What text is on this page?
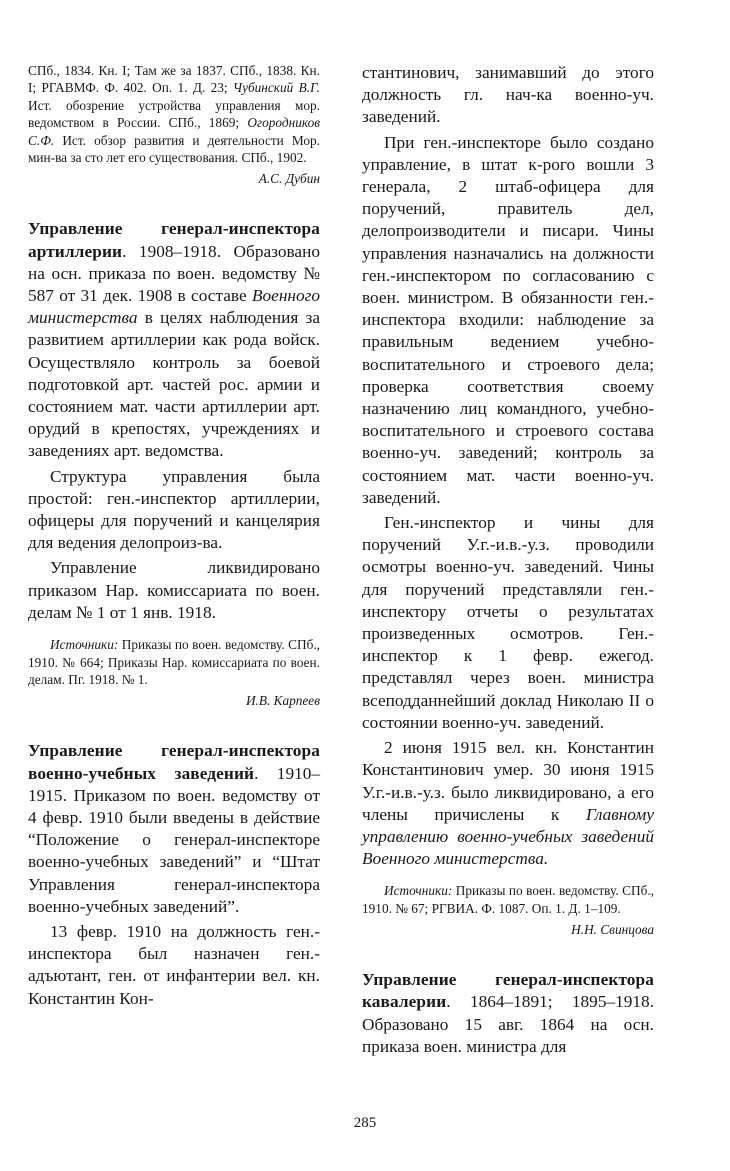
СПб., 1834. Кн. I; Там же за 1837. СПб., 1838. Кн. I; РГАВМФ. Ф. 402. Оп. 1. Д. 23; Чубинский В.Г. Ист. обозрение устройства управления мор. ведомством в России. СПб., 1869; Огородников С.Ф. Ист. обзор развития и деятельности Мор. мин-ва за сто лет его существования. СПб., 1902.

А.С. Дубин

Управление генерал-инспектора артиллерии. 1908–1918. Образовано на осн. приказа по воен. ведомству № 587 от 31 дек. 1908 в составе Военного министерства в целях наблюдения за развитием артиллерии как рода войск. Осуществляло контроль за боевой подготовкой арт. частей рос. армии и состоянием мат. части артиллерии арт. орудий в крепостях, учреждениях и заведениях арт. ведомства.

Структура управления была простой: ген.-инспектор артиллерии, офицеры для поручений и канцелярия для ведения делопроиз-ва.

Управление ликвидировано приказом Нар. комиссариата по воен. делам № 1 от 1 янв. 1918.

Источники: Приказы по воен. ведомству. СПб., 1910. № 664; Приказы Нар. комиссариата по воен. делам. Пг. 1918. № 1.

И.В. Карпеев

Управление генерал-инспектора военно-учебных заведений. 1910–1915. Приказом по воен. ведомству от 4 февр. 1910 были введены в действие “Положение о генерал-инспекторе военно-учебных заведений” и “Штат Управления генерал-инспектора военно-учебных заведений”.

13 февр. 1910 на должность ген.-инспектора был назначен ген.-адъютант, ген. от инфантерии вел. кн. Константин Кон-

стантинович, занимавший до этого должность гл. нач-ка военно-уч. заведений.

При ген.-инспекторе было создано управление, в штат к-рого вошли 3 генерала, 2 штаб-офицера для поручений, правитель дел, делопроизводители и писари. Чины управления назначались на должности ген.-инспектором по согласованию с воен. министром. В обязанности ген.-инспектора входили: наблюдение за правильным ведением учебно-воспитательного и строевого дела; проверка соответствия своему назначению лиц командного, учебно-воспитательного и строевого состава военно-уч. заведений; контроль за состоянием мат. части военно-уч. заведений.

Ген.-инспектор и чины для поручений У.г.-и.в.-у.з. проводили осмотры военно-уч. заведений. Чины для поручений представляли ген.-инспектору отчеты о результатах произведенных осмотров. Ген.-инспектор к 1 февр. ежегод. представлял через воен. министра всеподданнейший доклад Николаю II о состоянии военно-уч. заведений.

2 июня 1915 вел. кн. Константин Константинович умер. 30 июня 1915 У.г.-и.в.-у.з. было ликвидировано, а его члены причислены к Главному управлению военно-учебных заведений Военного министерства.

Источники: Приказы по воен. ведомству. СПб., 1910. № 67; РГВИА. Ф. 1087. Оп. 1. Д. 1–109.

Н.Н. Свинцова

Управление генерал-инспектора кавалерии. 1864–1891; 1895–1918. Образовано 15 авг. 1864 на осн. приказа воен. министра для

285
